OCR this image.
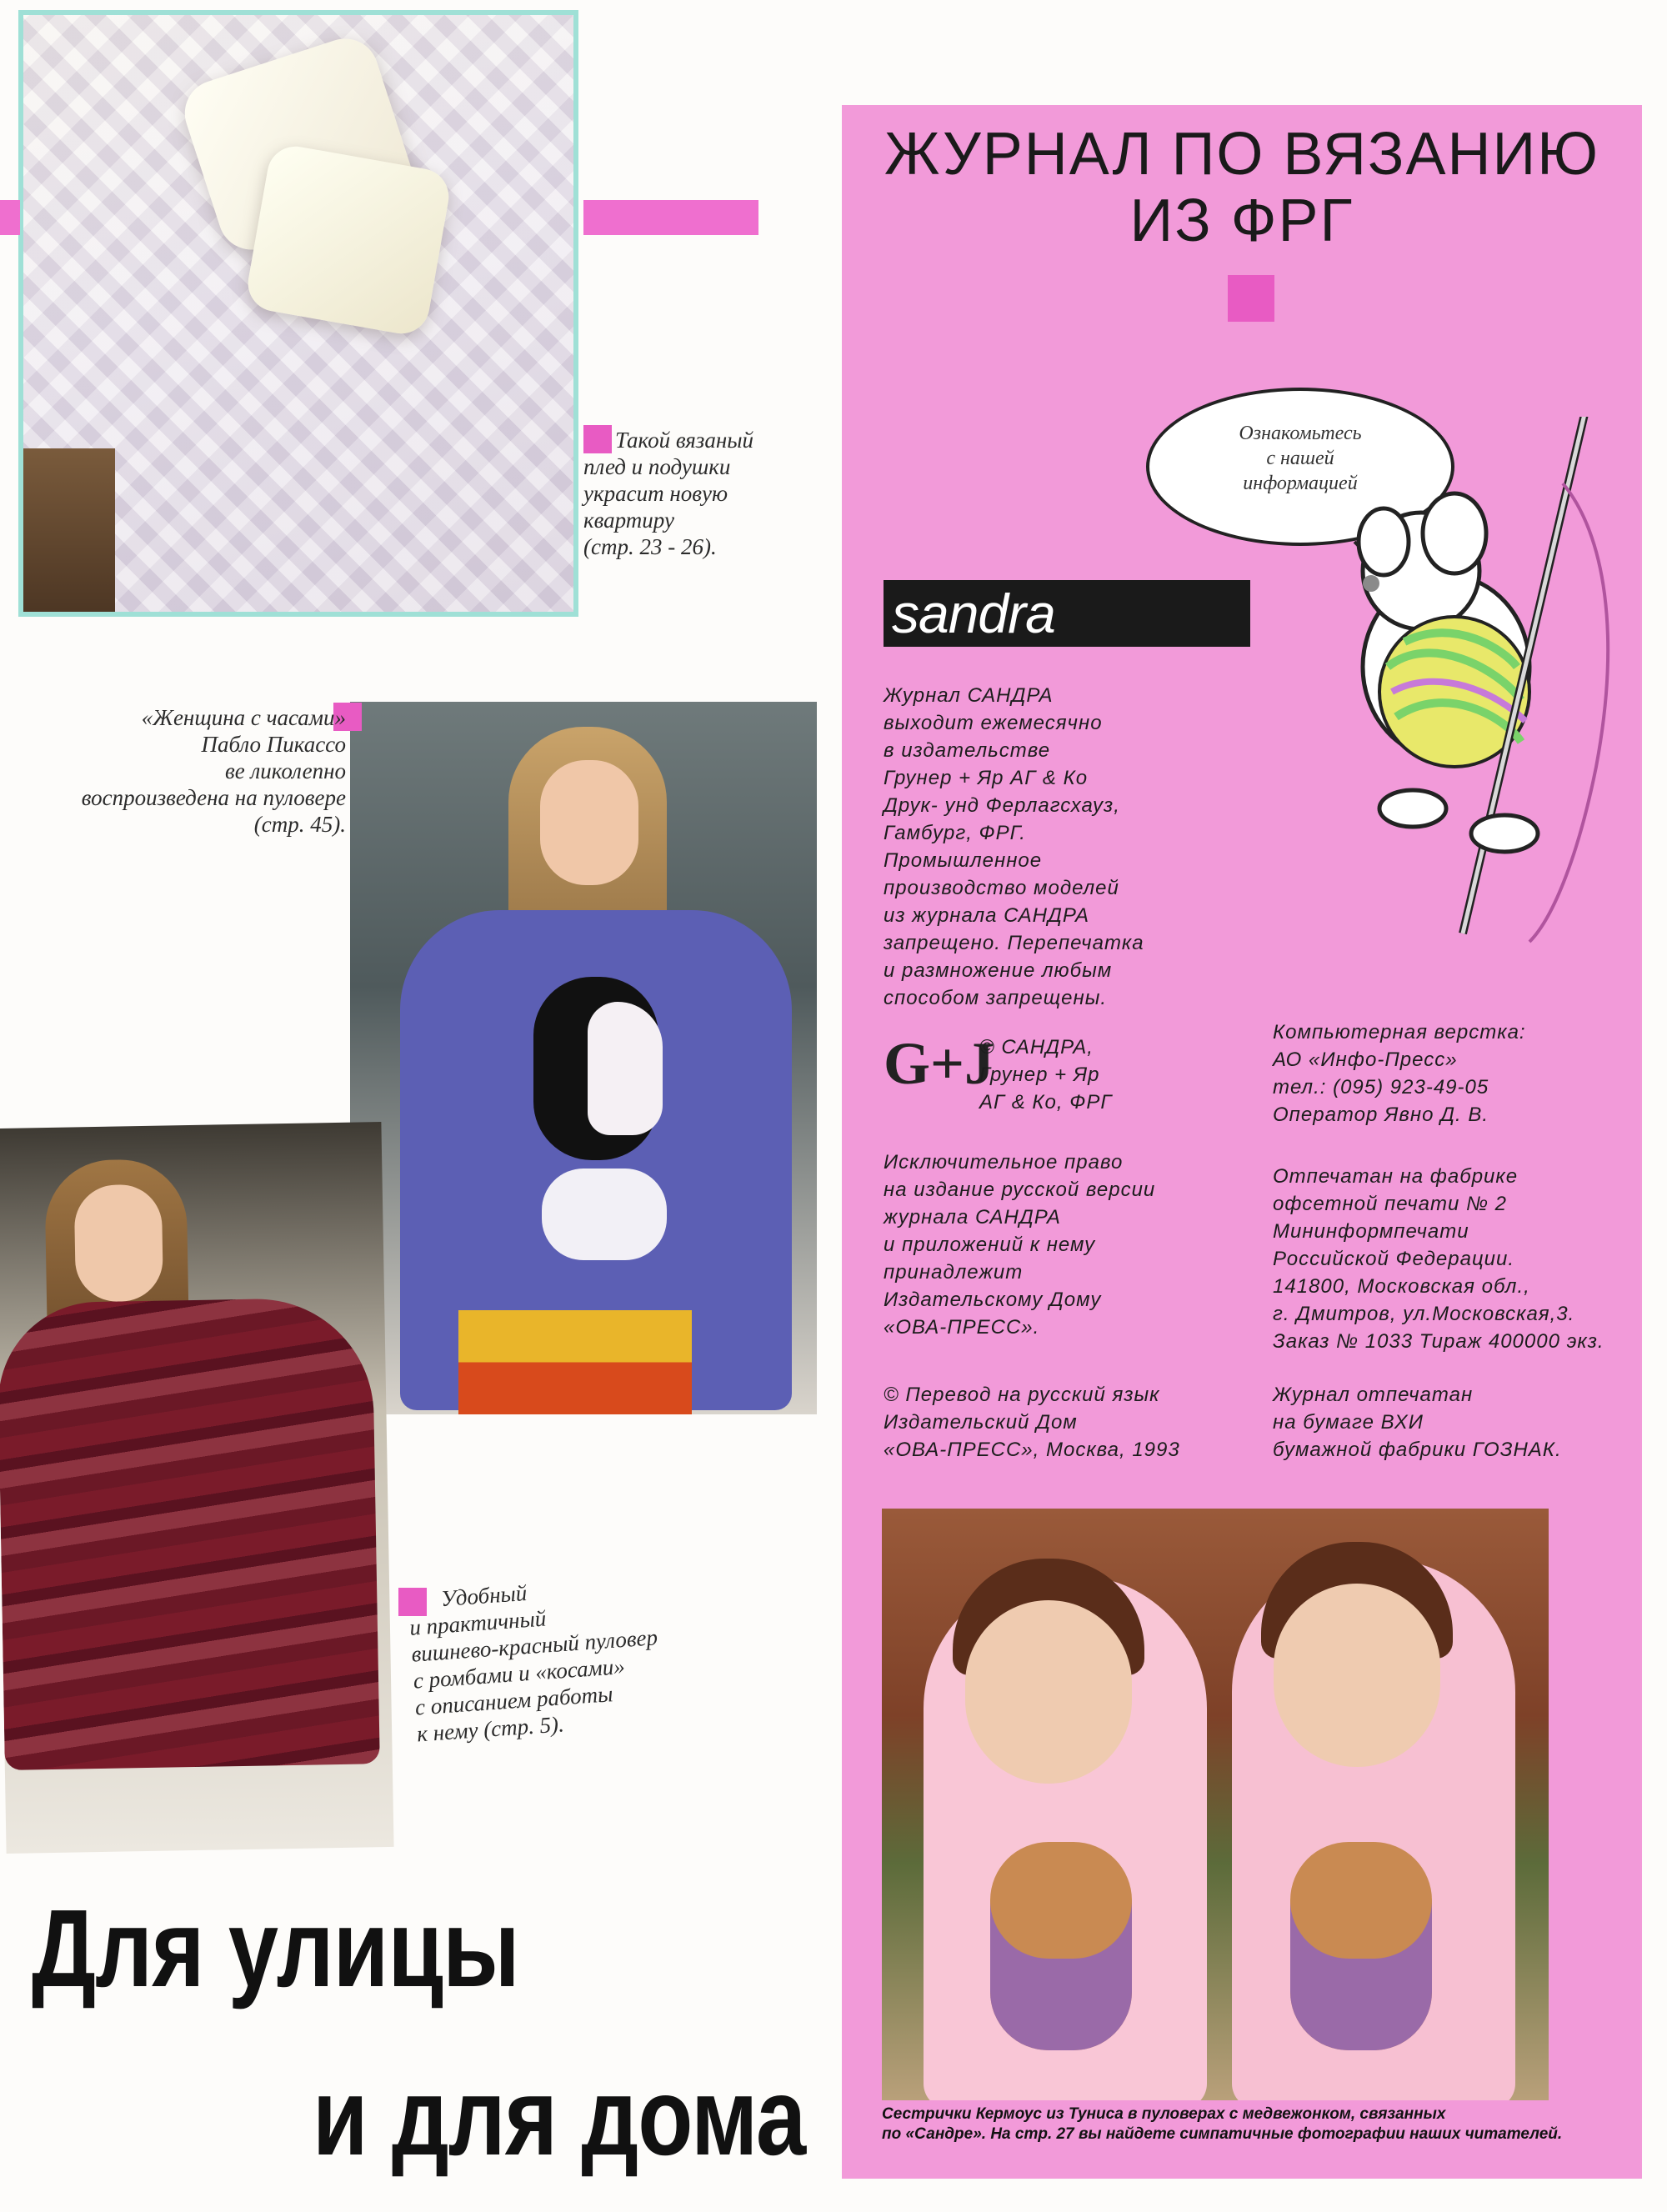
Такой вязаный
плед и подушки
украсит новую
квартиру
(стр. 23 - 26).
«Женщина с часами»
Пабло Пикассо
ве ликолепно
воспроизведена на пуловере
(стр. 45).
Удобный
и практичный
вишнево-красный пуловер
с ромбами и «косами»
с описанием работы
к нему (стр. 5).
ЖУРНАЛ ПО ВЯЗАНИЮ
ИЗ ФРГ
Ознакомьтесь
с нашей
информацией
sandra
Журнал САНДРА
выходит ежемесячно
в издательстве
Грунер + Яр АГ & Ко
Друк- унд Ферлагсхауз,
Гамбург, ФРГ.
Промышленное
производство моделей
из журнала САНДРА
запрещено. Перепечатка
и размножение любым
способом запрещены.
G+J
© САНДРА,
Грунер + Яр
АГ & Ко, ФРГ
Исключительное право
на издание русской версии
журнала САНДРА
и приложений к нему
принадлежит
Издательскому Дому
«ОВА-ПРЕСС».
© Перевод на русский язык
Издательский Дом
«ОВА-ПРЕСС», Москва, 1993
Компьютерная верстка:
АО «Инфо-Пресс»
тел.: (095) 923-49-05
Оператор Явно Д. В.
Отпечатан на фабрике
офсетной печати № 2
Мининформпечати
Российской Федерации.
141800, Московская обл.,
г. Дмитров, ул.Московская,3.
Заказ № 1033 Тираж 400000 экз.
Журнал отпечатан
на бумаге ВХИ
бумажной фабрики ГОЗНАК.
Сестрички Кермоус из Туниса в пуловерах с медвежонком, связанных
по «Сандре». На стр. 27 вы найдете симпатичные фотографии наших читателей.
Для улицы
и для дома
